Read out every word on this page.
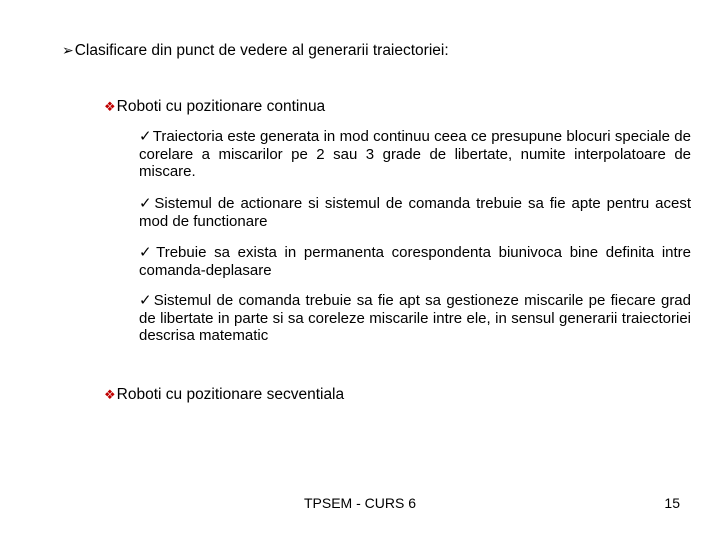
➢Clasificare din punct de vedere al generarii traiectoriei:
❖Roboti cu pozitionare continua
✓Traiectoria este generata in mod continuu ceea ce presupune blocuri speciale de corelare a miscarilor pe 2 sau 3 grade de libertate, numite interpolatoare de miscare.
✓Sistemul de actionare si sistemul de comanda trebuie sa fie apte pentru acest mod de functionare
✓Trebuie sa exista in permanenta corespondenta biunivoca bine definita intre comanda-deplasare
✓Sistemul de comanda trebuie sa fie apt sa gestioneze miscarile pe fiecare grad de libertate in parte si sa coreleze miscarile intre ele, in sensul generarii traiectoriei descrisa matematic
❖Roboti cu pozitionare secventiala
TPSEM - CURS 6	15
